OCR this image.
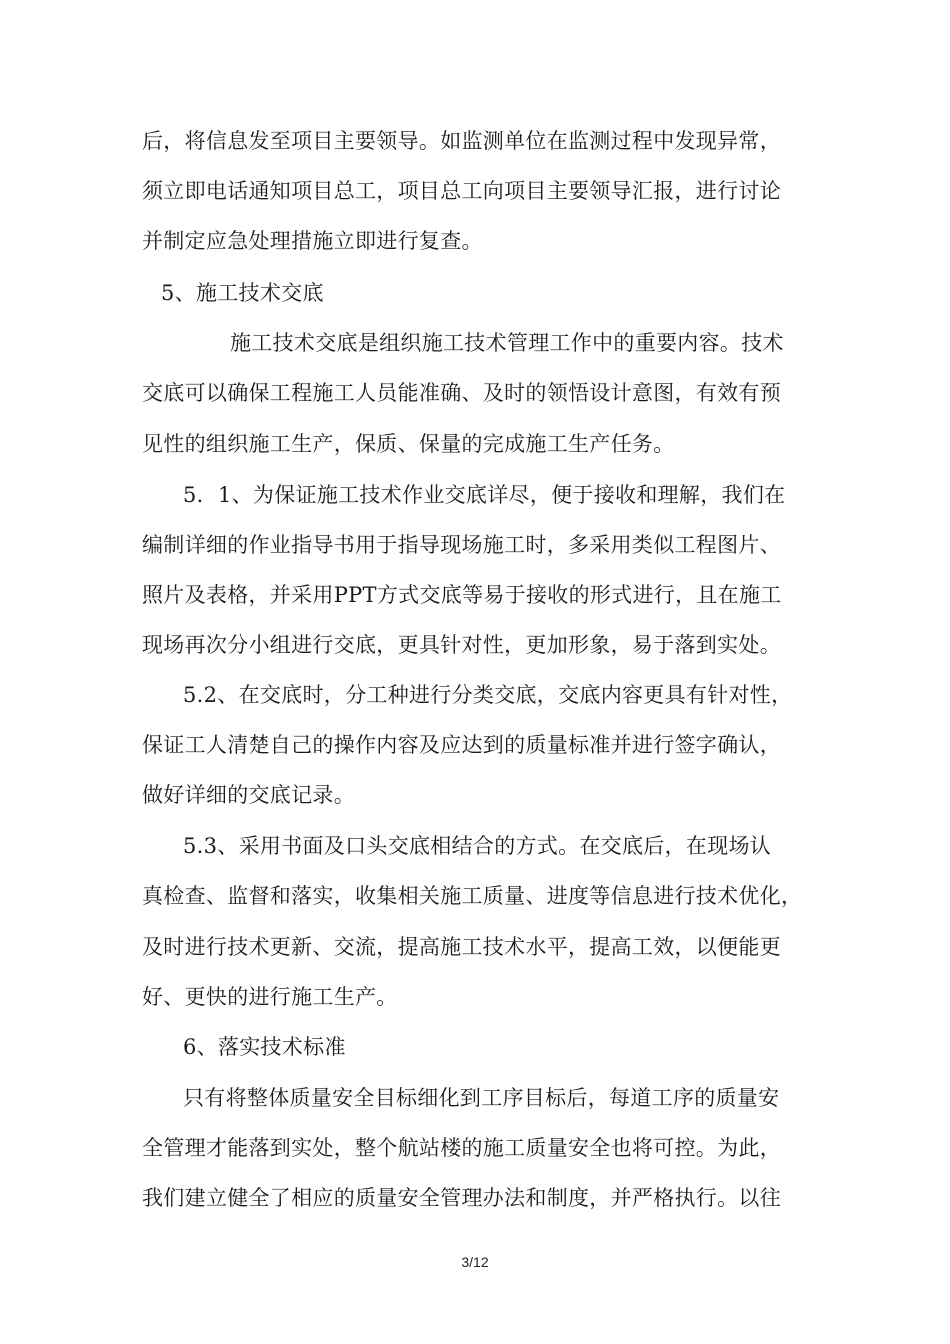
后，将信息发至项目主要领导。如监测单位在监测过程中发现异常，
须立即电话通知项目总工，项目总工向项目主要领导汇报，进行讨论
并制定应急处理措施立即进行复查。
5、施工技术交底
施工技术交底是组织施工技术管理工作中的重要内容。技术
交底可以确保工程施工人员能准确、及时的领悟设计意图，有效有预
见性的组织施工生产，保质、保量的完成施工生产任务。
5．1、为保证施工技术作业交底详尽，便于接收和理解，我们在
编制详细的作业指导书用于指导现场施工时，多采用类似工程图片、
照片及表格，并采用PPT方式交底等易于接收的形式进行，且在施工
现场再次分小组进行交底，更具针对性，更加形象，易于落到实处。
5.2、在交底时，分工种进行分类交底，交底内容更具有针对性，
保证工人清楚自己的操作内容及应达到的质量标准并进行签字确认，
做好详细的交底记录。
5.3、采用书面及口头交底相结合的方式。在交底后，在现场认
真检查、监督和落实，收集相关施工质量、进度等信息进行技术优化，
及时进行技术更新、交流，提高施工技术水平，提高工效，以便能更
好、更快的进行施工生产。
6、落实技术标准
只有将整体质量安全目标细化到工序目标后，每道工序的质量安
全管理才能落到实处，整个航站楼的施工质量安全也将可控。为此，
我们建立健全了相应的质量安全管理办法和制度，并严格执行。以往
3/12
